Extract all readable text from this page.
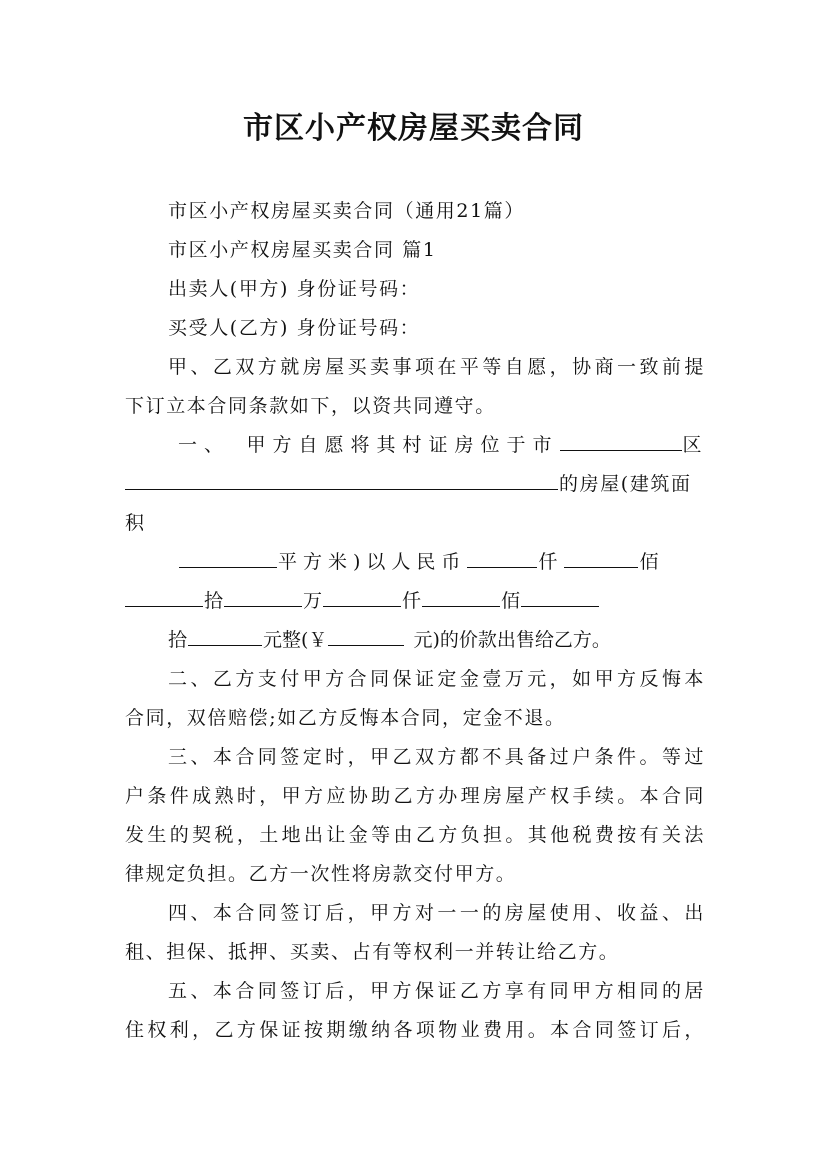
市区小产权房屋买卖合同
市区小产权房屋买卖合同（通用21篇）
市区小产权房屋买卖合同 篇1
出卖人(甲方) 身份证号码：
买受人(乙方) 身份证号码：
甲、乙双方就房屋买卖事项在平等自愿，协商一致前提
下订立本合同条款如下，以资共同遵守。
一、　甲方自愿将其村证房位于市	区
的房屋(建筑面
积
平方米)以人民币	仟	佰
拾	万	仟	佰
拾	元整(￥	元)的价款出售给乙方。
二、乙方支付甲方合同保证定金壹万元，如甲方反悔本
合同，双倍赔偿;如乙方反悔本合同，定金不退。
三、本合同签定时，甲乙双方都不具备过户条件。等过
户条件成熟时，甲方应协助乙方办理房屋产权手续。本合同
发生的契税，土地出让金等由乙方负担。其他税费按有关法
律规定负担。乙方一次性将房款交付甲方。
四、本合同签订后，甲方对一一的房屋使用、收益、出
租、担保、抵押、买卖、占有等权利一并转让给乙方。
五、本合同签订后，甲方保证乙方享有同甲方相同的居
住权利，乙方保证按期缴纳各项物业费用。本合同签订后，
